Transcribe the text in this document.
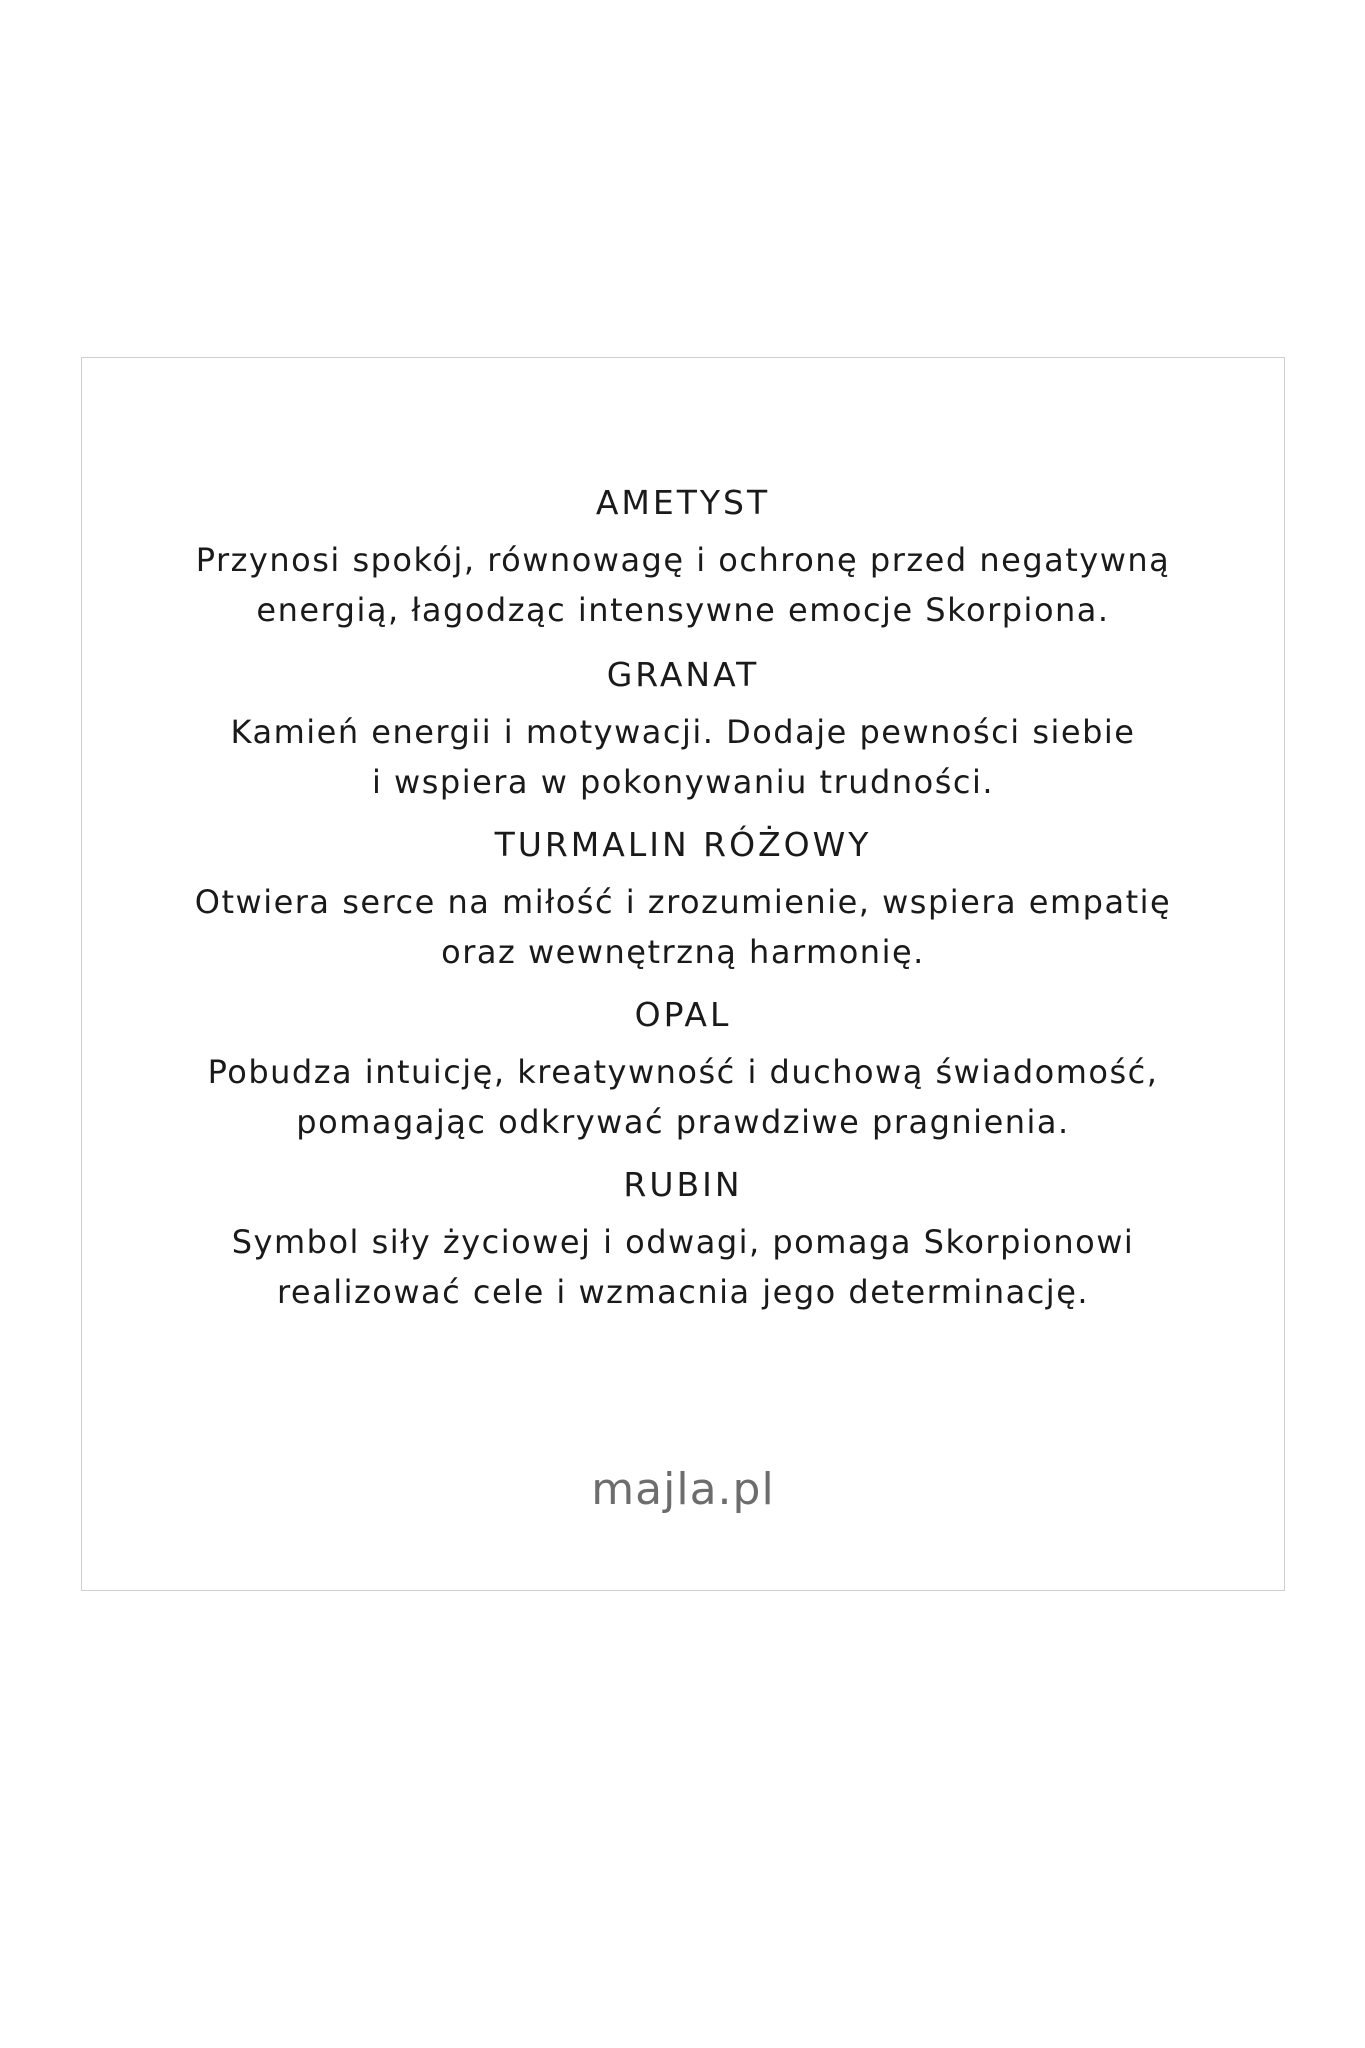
AMETYST
Przynosi spokój, równowagę i ochronę przed negatywną
energią, łagodząc intensywne emocje Skorpiona.
GRANAT
Kamień energii i motywacji. Dodaje pewności siebie
i wspiera w pokonywaniu trudności.
TURMALIN RÓŻOWY
Otwiera serce na miłość i zrozumienie, wspiera empatię
oraz wewnętrzną harmonię.
OPAL
Pobudza intuicję, kreatywność i duchową świadomość,
pomagając odkrywać prawdziwe pragnienia.
RUBIN
Symbol siły życiowej i odwagi, pomaga Skorpionowi
realizować cele i wzmacnia jego determinację.
majla.pl
